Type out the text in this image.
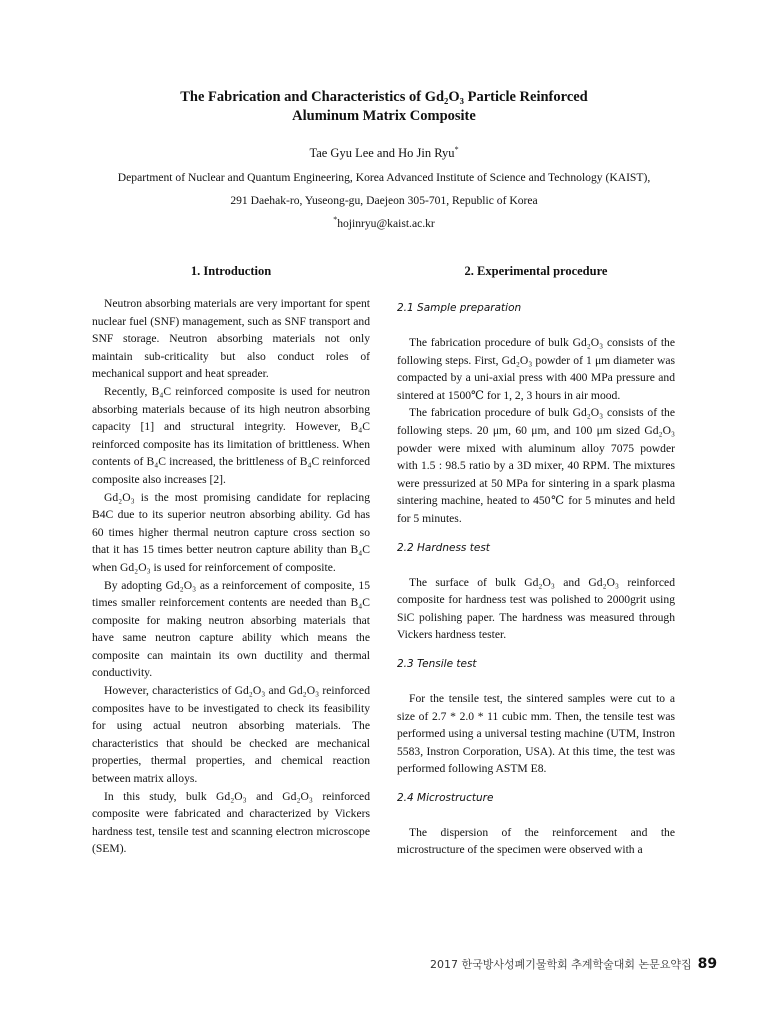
The Fabrication and Characteristics of Gd₂O₃ Particle Reinforced
Aluminum Matrix Composite
Tae Gyu Lee and Ho Jin Ryu*
Department of Nuclear and Quantum Engineering, Korea Advanced Institute of Science and Technology (KAIST),
291 Daehak-ro, Yuseong-gu, Daejeon 305-701, Republic of Korea
*hojinryu@kaist.ac.kr
1. Introduction

Neutron absorbing materials are very important for spent nuclear fuel (SNF) management, such as SNF transport and SNF storage. Neutron absorbing materials not only maintain sub-criticality but also conduct roles of mechanical support and heat spreader.

Recently, B₄C reinforced composite is used for neutron absorbing materials because of its high neutron absorbing capacity [1] and structural integrity. However, B₄C reinforced composite has its limitation of brittleness. When contents of B₄C increased, the brittleness of B₄C reinforced composite also increases [2].

Gd₂O₃ is the most promising candidate for replacing B4C due to its superior neutron absorbing ability. Gd has 60 times higher thermal neutron capture cross section so that it has 15 times better neutron capture ability than B₄C when Gd₂O₃ is used for reinforcement of composite.

By adopting Gd₂O₃ as a reinforcement of composite, 15 times smaller reinforcement contents are needed than B₄C composite for making neutron absorbing materials that have same neutron capture ability which means the composite can maintain its own ductility and thermal conductivity.

However, characteristics of Gd₂O₃ and Gd₂O₃ reinforced composites have to be investigated to check its feasibility for using actual neutron absorbing materials. The characteristics that should be checked are mechanical properties, thermal properties, and chemical reaction between matrix alloys.

In this study, bulk Gd₂O₃ and Gd₂O₃ reinforced composite were fabricated and characterized by Vickers hardness test, tensile test and scanning electron microscope (SEM).

2. Experimental procedure
2.1 Sample preparation

The fabrication procedure of bulk Gd₂O₃ consists of the following steps. First, Gd₂O₃ powder of 1 μm diameter was compacted by a uni-axial press with 400 MPa pressure and sintered at 1500℃ for 1, 2, 3 hours in air mood.

The fabrication procedure of bulk Gd₂O₃ consists of the following steps. 20 μm, 60 μm, and 100 μm sized Gd₂O₃ powder were mixed with aluminum alloy 7075 powder with 1.5 : 98.5 ratio by a 3D mixer, 40 RPM. The mixtures were pressurized at 50 MPa for sintering in a spark plasma sintering machine, heated to 450℃ for 5 minutes and held for 5 minutes.

2.2 Hardness test

The surface of bulk Gd₂O₃ and Gd₂O₃ reinforced composite for hardness test was polished to 2000grit using SiC polishing paper. The hardness was measured through Vickers hardness tester.

2.3 Tensile test

For the tensile test, the sintered samples were cut to a size of 2.7 * 2.0 * 11 cubic mm. Then, the tensile test was performed using a universal testing machine (UTM, Instron 5583, Instron Corporation, USA). At this time, the test was performed following ASTM E8.

2.4 Microstructure

The dispersion of the reinforcement and the microstructure of the specimen were observed with a

2017 한국방사성폐기물학회 추계학술대회 논문요약집 89
